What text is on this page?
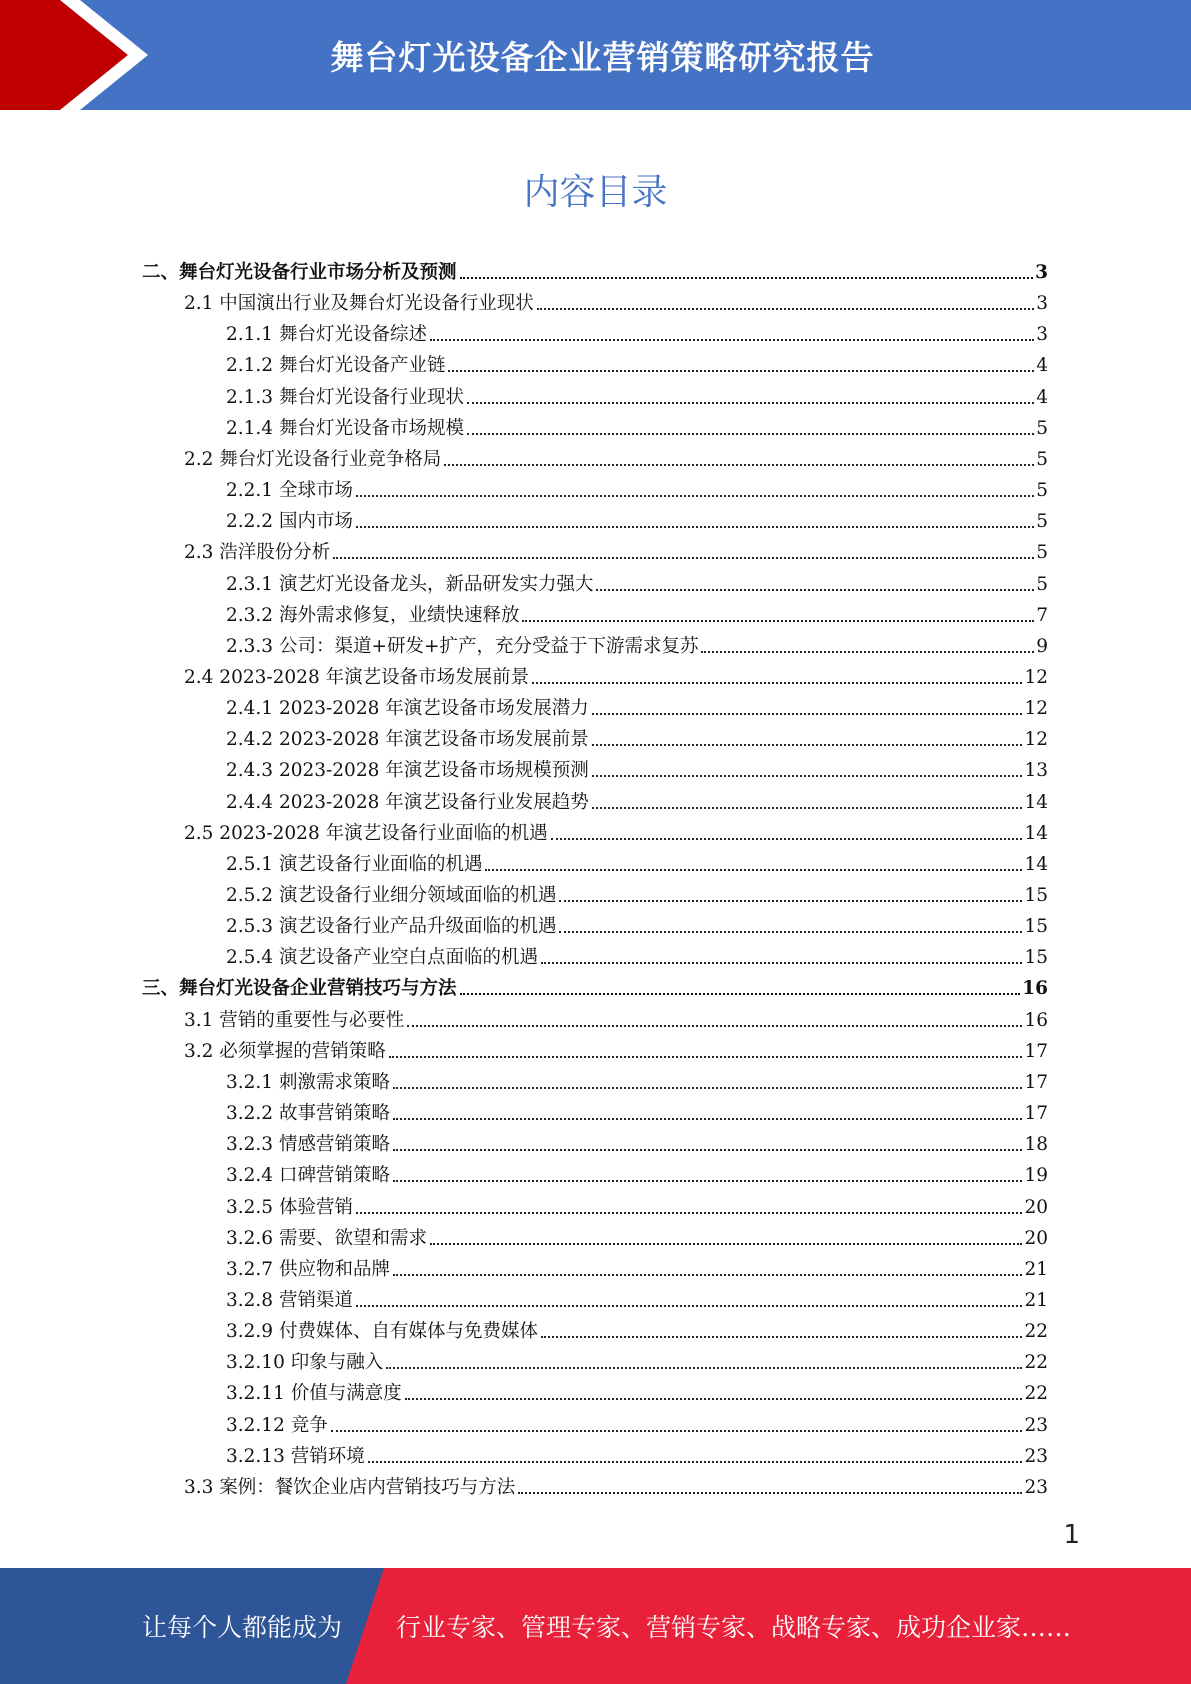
舞台灯光设备企业营销策略研究报告
内容目录
二、舞台灯光设备行业市场分析及预测	3
2.1 中国演出行业及舞台灯光设备行业现状	3
2.1.1 舞台灯光设备综述	3
2.1.2 舞台灯光设备产业链	4
2.1.3 舞台灯光设备行业现状	4
2.1.4 舞台灯光设备市场规模	5
2.2 舞台灯光设备行业竞争格局	5
2.2.1 全球市场	5
2.2.2 国内市场	5
2.3 浩洋股份分析	5
2.3.1 演艺灯光设备龙头，新品研发实力强大	5
2.3.2 海外需求修复，业绩快速释放	7
2.3.3 公司：渠道+研发+扩产，充分受益于下游需求复苏	9
2.4 2023-2028 年演艺设备市场发展前景	12
2.4.1 2023-2028 年演艺设备市场发展潜力	12
2.4.2 2023-2028 年演艺设备市场发展前景	12
2.4.3 2023-2028 年演艺设备市场规模预测	13
2.4.4 2023-2028 年演艺设备行业发展趋势	14
2.5 2023-2028 年演艺设备行业面临的机遇	14
2.5.1 演艺设备行业面临的机遇	14
2.5.2 演艺设备行业细分领域面临的机遇	15
2.5.3 演艺设备行业产品升级面临的机遇	15
2.5.4 演艺设备产业空白点面临的机遇	15
三、舞台灯光设备企业营销技巧与方法	16
3.1 营销的重要性与必要性	16
3.2 必须掌握的营销策略	17
3.2.1 刺激需求策略	17
3.2.2 故事营销策略	17
3.2.3 情感营销策略	18
3.2.4 口碑营销策略	19
3.2.5 体验营销	20
3.2.6 需要、欲望和需求	20
3.2.7 供应物和品牌	21
3.2.8 营销渠道	21
3.2.9 付费媒体、自有媒体与免费媒体	22
3.2.10 印象与融入	22
3.2.11 价值与满意度	22
3.2.12 竞争	23
3.2.13 营销环境	23
3.3 案例：餐饮企业店内营销技巧与方法	23
1
让每个人都能成为 行业专家、管理专家、营销专家、战略专家、成功企业家……
